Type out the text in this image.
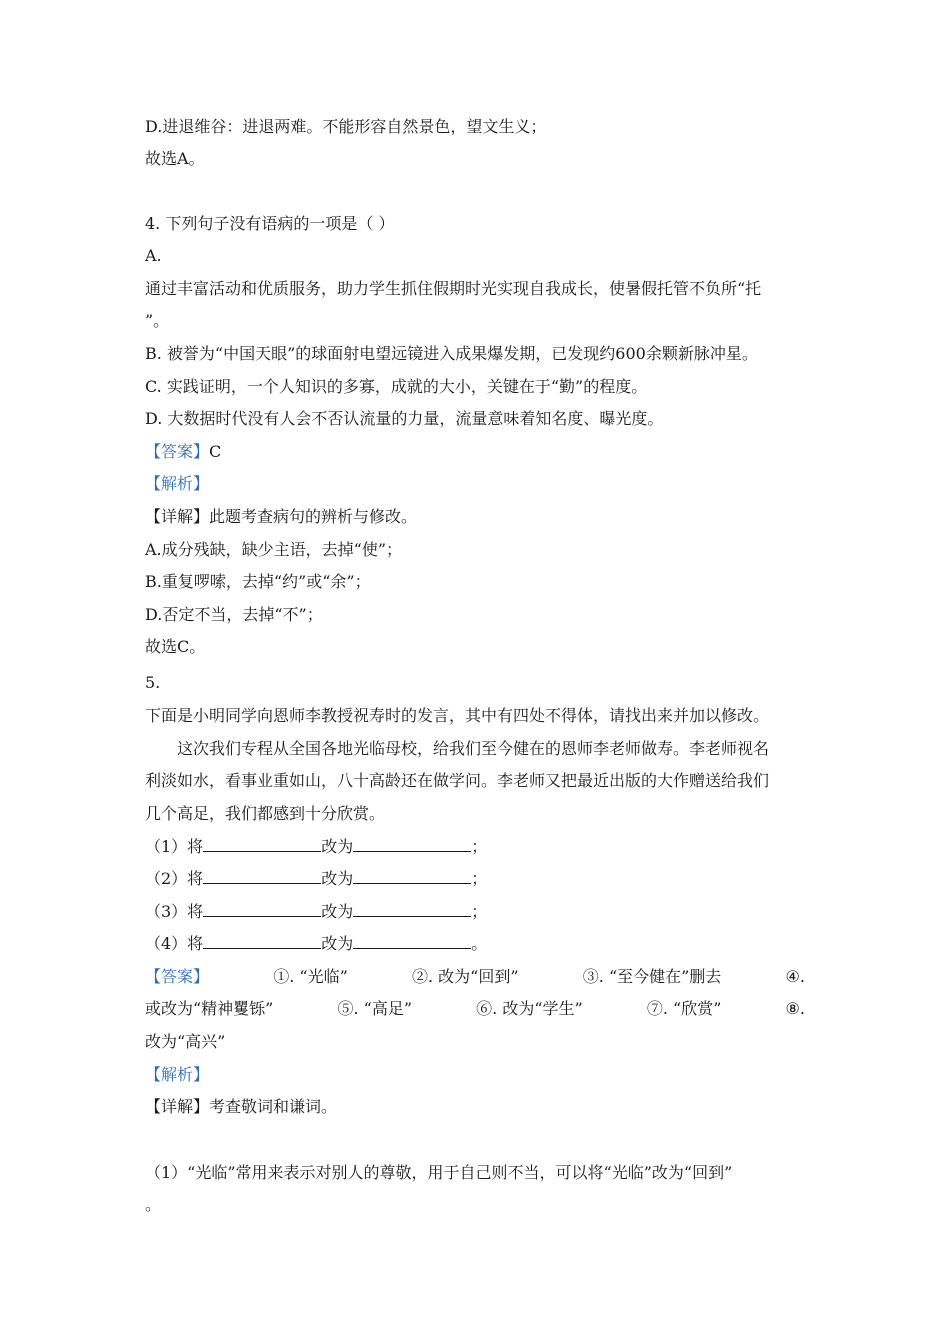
D.进退维谷：进退两难。不能形容自然景色，望文生义；

故选A。

4. 下列句子没有语病的一项是（ ）

A.

通过丰富活动和优质服务，助力学生抓住假期时光实现自我成长，使暑假托管不负所“托

”。

B. 被誉为“中国天眼”的球面射电望远镜进入成果爆发期，已发现约600余颗新脉冲星。

C. 实践证明，一个人知识的多寡，成就的大小，关键在于“勤”的程度。

D. 大数据时代没有人会不否认流量的力量，流量意味着知名度、曝光度。

【答案】C

【解析】

【详解】此题考查病句的辨析与修改。

A.成分残缺，缺少主语，去掉“使”；

B.重复啰嗦，去掉“约”或“余”；

D.否定不当，去掉“不”；

故选C。

5.

下面是小明同学向恩师李教授祝寿时的发言，其中有四处不得体，请找出来并加以修改。

这次我们专程从全国各地光临母校，给我们至今健在的恩师李老师做寿。李老师视名

利淡如水，看事业重如山，八十高龄还在做学问。李老师又把最近出版的大作赠送给我们

几个高足，我们都感到十分欣赏。

（1）将	改为	；

（2）将	改为	；

（3）将	改为	；

（4）将	改为	。

【答案】	①. “光临”	②. 改为“回到”	③. “至今健在”删去	④.
或改为“精神矍铄”	⑤. “高足”	⑥. 改为“学生”	⑦. “欣赏”	⑧.

改为“高兴”

【解析】

【详解】考查敬词和谦词。

（1）“光临”常用来表示对别人的尊敬，用于自己则不当，可以将“光临”改为“回到”

。
